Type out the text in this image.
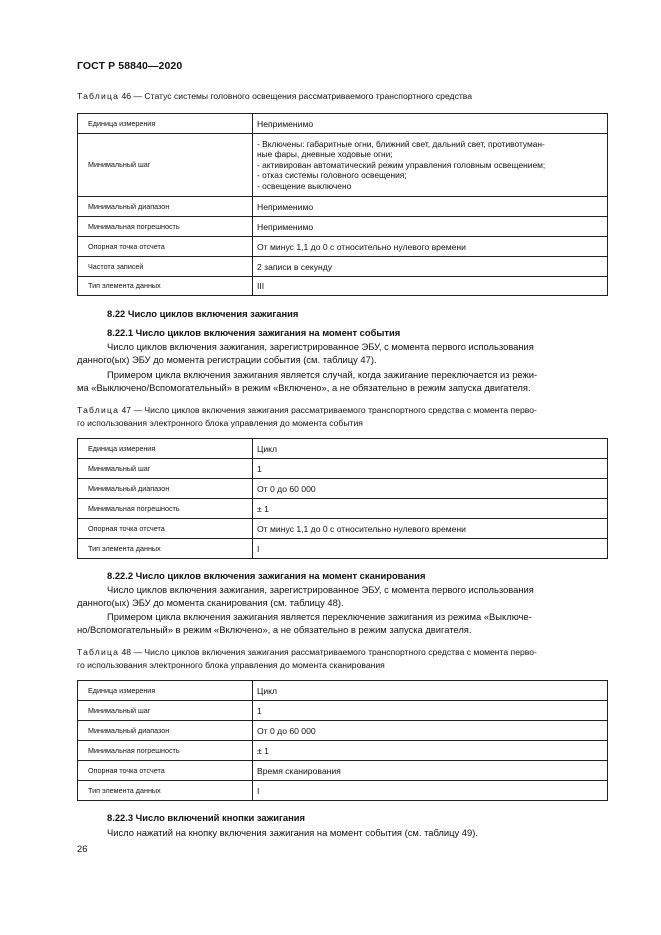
ГОСТ Р 58840—2020
Таблица 46 — Статус системы головного освещения рассматриваемого транспортного средства
Единица измерения	Неприменимо
Минимальный шаг	- Включены: габаритные огни, ближний свет, дальний свет, противотуман-
ные фары, дневные ходовые огни;
- активирован автоматический режим управления головным освещением;
- отказ системы головного освещения;
- освещение выключено

Минимальный диапазон	Неприменимо
Минимальная погрешность	Неприменимо
Опорная точка отсчета	От минус 1,1 до 0 с относительно нулевого времени
Частота записей	2 записи в секунду
Тип элемента данных	III
8.22 Число циклов включения зажигания
8.22.1 Число циклов включения зажигания на момент события
Число циклов включения зажигания, зарегистрированное ЭБУ, с момента первого использования
данного(ых) ЭБУ до момента регистрации события (см. таблицу 47).
Примером цикла включения зажигания является случай, когда зажигание переключается из режи-
ма «Выключено/Вспомогательный» в режим «Включено», а не обязательно в режим запуска двигателя.
Таблица 47 — Число циклов включения зажигания рассматриваемого транспортного средства с момента перво-
го использования электронного блока управления до момента события
Единица измерения	Цикл
Минимальный шаг	1
Минимальный диапазон	От 0 до 60 000
Минимальная погрешность	± 1
Опорная точка отсчета	От минус 1,1 до 0 с относительно нулевого времени
Тип элемента данных	I
8.22.2 Число циклов включения зажигания на момент сканирования
Число циклов включения зажигания, зарегистрированное ЭБУ, с момента первого использования
данного(ых) ЭБУ до момента сканирования (см. таблицу 48).
Примером цикла включения зажигания является переключение зажигания из режима «Выключе-
но/Вспомогательный» в режим «Включено», а не обязательно в режим запуска двигателя.
Таблица 48 — Число циклов включения зажигания рассматриваемого транспортного средства с момента перво-
го использования электронного блока управления до момента сканирования
Единица измерения	Цикл
Минимальный шаг	1
Минимальный диапазон	От 0 до 60 000
Минимальная погрешность	± 1
Опорная точка отсчета	Время сканирования
Тип элемента данных	I
8.22.3 Число включений кнопки зажигания
Число нажатий на кнопку включения зажигания на момент события (см. таблицу 49).
26
